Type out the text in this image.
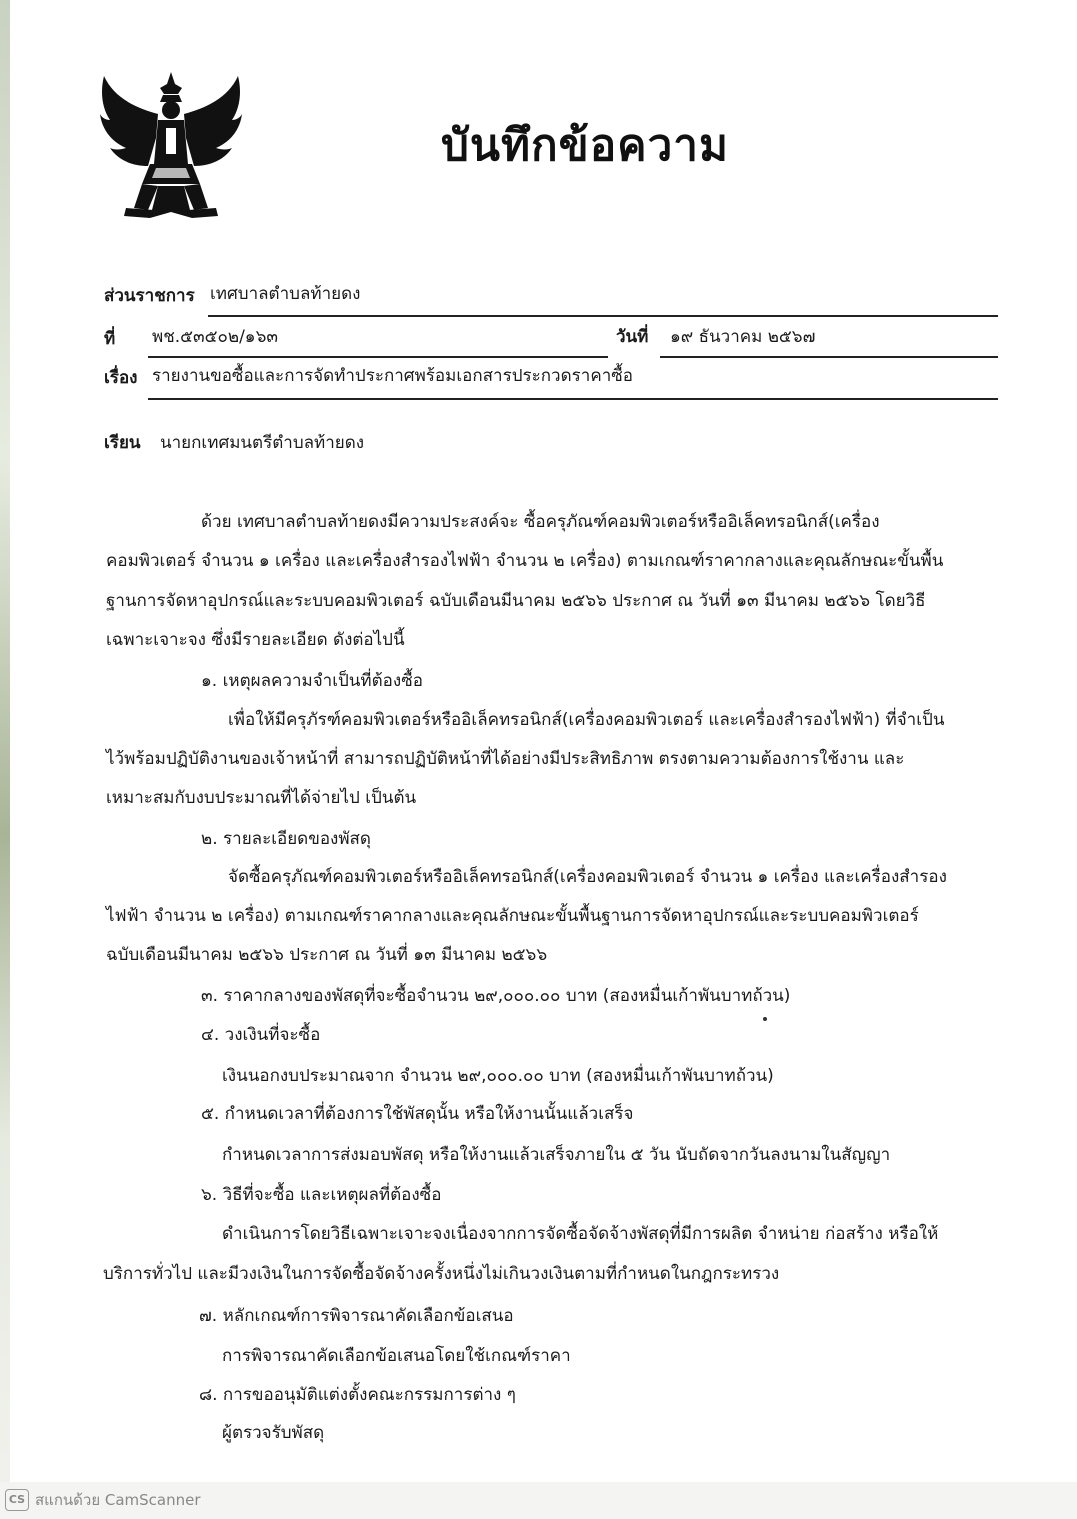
บันทึกข้อความ
ส่วนราชการ เทศบาลตำบลท้ายดง
ที่ พช.๕๓๕๐๒/๑๖๓	วันที่ ๑๙ ธันวาคม ๒๕๖๗
เรื่อง รายงานขอซื้อและการจัดทำประกาศพร้อมเอกสารประกวดราคาซื้อ
เรียน นายกเทศมนตรีตำบลท้ายดง
ด้วย เทศบาลตำบลท้ายดงมีความประสงค์จะ ซื้อครุภัณฑ์คอมพิวเตอร์หรืออิเล็คทรอนิกส์(เครื่อง
คอมพิวเตอร์ จำนวน ๑ เครื่อง และเครื่องสำรองไฟฟ้า จำนวน ๒ เครื่อง) ตามเกณฑ์ราคากลางและคุณลักษณะขั้นพื้น
ฐานการจัดหาอุปกรณ์และระบบคอมพิวเตอร์ ฉบับเดือนมีนาคม ๒๕๖๖ ประกาศ ณ วันที่ ๑๓ มีนาคม ๒๕๖๖ โดยวิธี
เฉพาะเจาะจง ซึ่งมีรายละเอียด ดังต่อไปนี้
๑. เหตุผลความจำเป็นที่ต้องซื้อ
เพื่อให้มีครุภัรฑ์คอมพิวเตอร์หรืออิเล็คทรอนิกส์(เครื่องคอมพิวเตอร์ และเครื่องสำรองไฟฟ้า) ที่จำเป็น
ไว้พร้อมปฏิบัติงานของเจ้าหน้าที่ สามารถปฏิบัติหน้าที่ได้อย่างมีประสิทธิภาพ ตรงตามความต้องการใช้งาน และ
เหมาะสมกับงบประมาณที่ได้จ่ายไป เป็นต้น
๒. รายละเอียดของพัสดุ
จัดซื้อครุภัณฑ์คอมพิวเตอร์หรืออิเล็คทรอนิกส์(เครื่องคอมพิวเตอร์ จำนวน ๑ เครื่อง และเครื่องสำรอง
ไฟฟ้า จำนวน ๒ เครื่อง) ตามเกณฑ์ราคากลางและคุณลักษณะขั้นพื้นฐานการจัดหาอุปกรณ์และระบบคอมพิวเตอร์
ฉบับเดือนมีนาคม ๒๕๖๖ ประกาศ ณ วันที่ ๑๓ มีนาคม ๒๕๖๖
๓. ราคากลางของพัสดุที่จะซื้อจำนวน ๒๙,๐๐๐.๐๐ บาท (สองหมื่นเก้าพันบาทถ้วน)
๔. วงเงินที่จะซื้อ
เงินนอกงบประมาณจาก จำนวน ๒๙,๐๐๐.๐๐ บาท (สองหมื่นเก้าพันบาทถ้วน)
๕. กำหนดเวลาที่ต้องการใช้พัสดุนั้น หรือให้งานนั้นแล้วเสร็จ
กำหนดเวลาการส่งมอบพัสดุ หรือให้งานแล้วเสร็จภายใน ๕ วัน นับถัดจากวันลงนามในสัญญา
๖. วิธีที่จะซื้อ และเหตุผลที่ต้องซื้อ
ดำเนินการโดยวิธีเฉพาะเจาะจงเนื่องจากการจัดซื้อจัดจ้างพัสดุที่มีการผลิต จำหน่าย ก่อสร้าง หรือให้
บริการทั่วไป และมีวงเงินในการจัดซื้อจัดจ้างครั้งหนึ่งไม่เกินวงเงินตามที่กำหนดในกฎกระทรวง
๗. หลักเกณฑ์การพิจารณาคัดเลือกข้อเสนอ
การพิจารณาคัดเลือกข้อเสนอโดยใช้เกณฑ์ราคา
๘. การขออนุมัติแต่งตั้งคณะกรรมการต่าง ๆ
ผู้ตรวจรับพัสดุ
CS สแกนด้วย CamScanner
